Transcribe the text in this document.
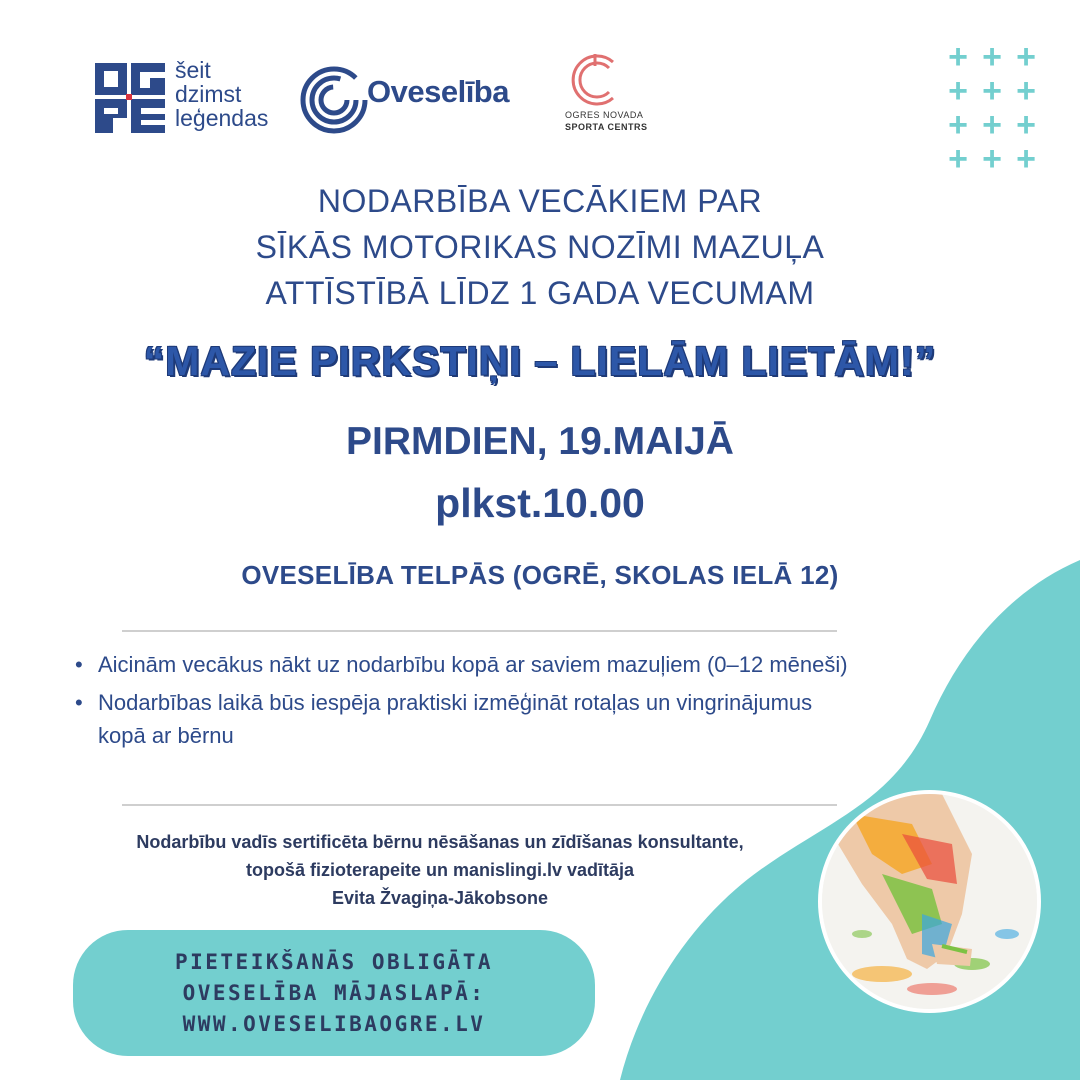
šeit
dzimst
leģendas
Oveselība
OGRES NOVADA
SPORTA CENTRS
+ + +
+ + +
+ + +
+ + +
NODARBĪBA VECĀKIEM PAR
SĪKĀS MOTORIKAS NOZĪMI MAZUĻA
ATTĪSTĪBĀ LĪDZ 1 GADA VECUMAM
“MAZIE PIRKSTIŅI – LIELĀM LIETĀM!”
PIRMDIEN, 19.MAIJĀ
plkst.10.00
OVESELĪBA TELPĀS (OGRĒ, SKOLAS IELĀ 12)
• Aicinām vecākus nākt uz nodarbību kopā ar saviem mazuļiem (0–12 mēneši)
• Nodarbības laikā būs iespēja praktiski izmēģināt rotaļas un vingrinājumus kopā ar bērnu
Nodarbību vadīs sertificēta bērnu nēsāšanas un zīdīšanas konsultante,
topošā fizioterapeite un manislingi.lv vadītāja
Evita Žvagiņa-Jākobsone
PIETEIKŠANĀS OBLIGĀTA
OVESELĪBA MĀJASLAPĀ:
WWW.OVESELIBAOGRE.LV
